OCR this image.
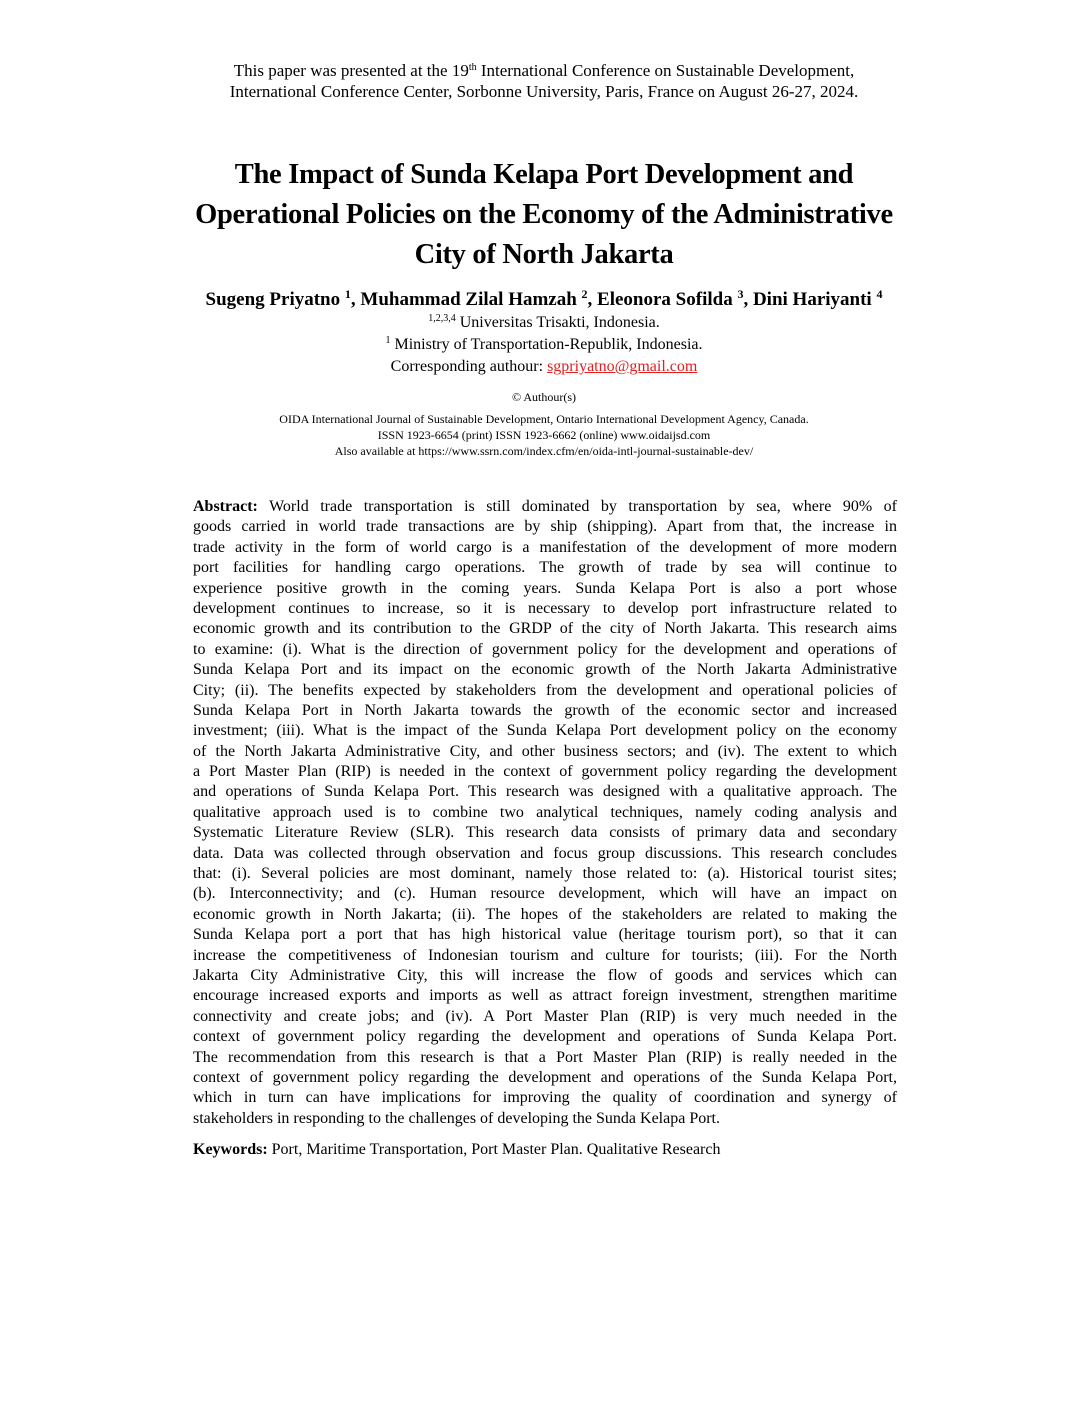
This paper was presented at the 19th International Conference on Sustainable Development,
International Conference Center, Sorbonne University, Paris, France on August 26-27, 2024.
The Impact of Sunda Kelapa Port Development and
Operational Policies on the Economy of the Administrative
City of North Jakarta
Sugeng Priyatno $^1$, Muhammad Zilal Hamzah $^2$, Eleonora Sofilda $^3$, Dini Hariyanti $^4$
$^{1,2,3,4}$ Universitas Trisakti, Indonesia.
$^1$ Ministry of Transportation-Republik, Indonesia.
Corresponding authour: sgpriyatno@gmail.com
© Authour(s)
OIDA International Journal of Sustainable Development, Ontario International Development Agency, Canada.
ISSN 1923-6654 (print) ISSN 1923-6662 (online) www.oidaijsd.com
Also available at https://www.ssrn.com/index.cfm/en/oida-intl-journal-sustainable-dev/
Abstract: World trade transportation is still dominated by transportation by sea, where 90% of
goods carried in world trade transactions are by ship (shipping). Apart from that, the increase in
trade activity in the form of world cargo is a manifestation of the development of more modern
port facilities for handling cargo operations. The growth of trade by sea will continue to
experience positive growth in the coming years. Sunda Kelapa Port is also a port whose
development continues to increase, so it is necessary to develop port infrastructure related to
economic growth and its contribution to the GRDP of the city of North Jakarta. This research aims
to examine: (i). What is the direction of government policy for the development and operations of
Sunda Kelapa Port and its impact on the economic growth of the North Jakarta Administrative
City; (ii). The benefits expected by stakeholders from the development and operational policies of
Sunda Kelapa Port in North Jakarta towards the growth of the economic sector and increased
investment; (iii). What is the impact of the Sunda Kelapa Port development policy on the economy
of the North Jakarta Administrative City, and other business sectors; and (iv). The extent to which
a Port Master Plan (RIP) is needed in the context of government policy regarding the development
and operations of Sunda Kelapa Port. This research was designed with a qualitative approach. The
qualitative approach used is to combine two analytical techniques, namely coding analysis and
Systematic Literature Review (SLR). This research data consists of primary data and secondary
data. Data was collected through observation and focus group discussions. This research concludes
that: (i). Several policies are most dominant, namely those related to: (a). Historical tourist sites;
(b). Interconnectivity; and (c). Human resource development, which will have an impact on
economic growth in North Jakarta; (ii). The hopes of the stakeholders are related to making the
Sunda Kelapa port a port that has high historical value (heritage tourism port), so that it can
increase the competitiveness of Indonesian tourism and culture for tourists; (iii). For the North
Jakarta City Administrative City, this will increase the flow of goods and services which can
encourage increased exports and imports as well as attract foreign investment, strengthen maritime
connectivity and create jobs; and (iv). A Port Master Plan (RIP) is very much needed in the
context of government policy regarding the development and operations of Sunda Kelapa Port.
The recommendation from this research is that a Port Master Plan (RIP) is really needed in the
context of government policy regarding the development and operations of the Sunda Kelapa Port,
which in turn can have implications for improving the quality of coordination and synergy of
stakeholders in responding to the challenges of developing the Sunda Kelapa Port.
Keywords: Port, Maritime Transportation, Port Master Plan. Qualitative Research
